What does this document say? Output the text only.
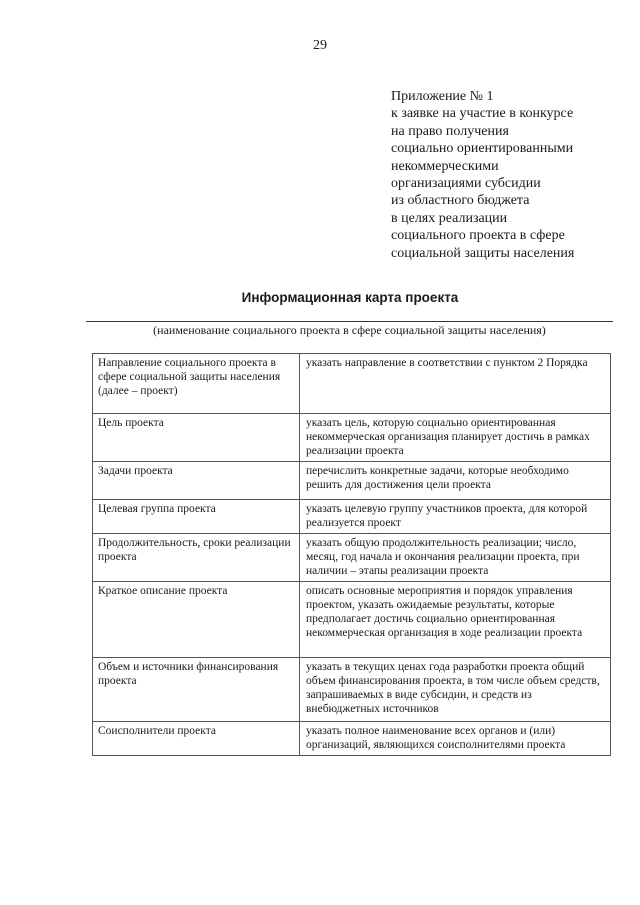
29
Приложение № 1
к заявке на участие в конкурсе
на право получения
социально ориентированными
некоммерческими
организациями субсидии
из областного бюджета
в целях реализации
социального проекта в сфере
социальной защиты населения
Информационная карта проекта
(наименование социального проекта в сфере социальной защиты населения)
Направление социального проекта в сфере социальной защиты населения (далее – проект)	указать направление в соответствии с пунктом 2 Порядка
Цель проекта	указать цель, которую социально ориентированная некоммерческая организация планирует достичь в рамках реализации проекта
Задачи проекта	перечислить конкретные задачи, которые необходимо решить для достижения цели проекта
Целевая группа проекта	указать целевую группу участников проекта, для которой реализуется проект
Продолжительность, сроки реализации проекта	указать общую продолжительность реализации; число, месяц, год начала и окончания реализации проекта, при наличии – этапы реализации проекта
Краткое описание проекта	описать основные мероприятия и порядок управления проектом, указать ожидаемые результаты, которые предполагает достичь социально ориентированная некоммерческая организация в ходе реализации проекта
Объем и источники финансирования проекта	указать в текущих ценах года разработки проекта общий объем финансирования проекта, в том числе объем средств, запрашиваемых в виде субсидии, и средств из внебюджетных источников
Соисполнители проекта	указать полное наименование всех органов и (или) организаций, являющихся соисполнителями проекта
